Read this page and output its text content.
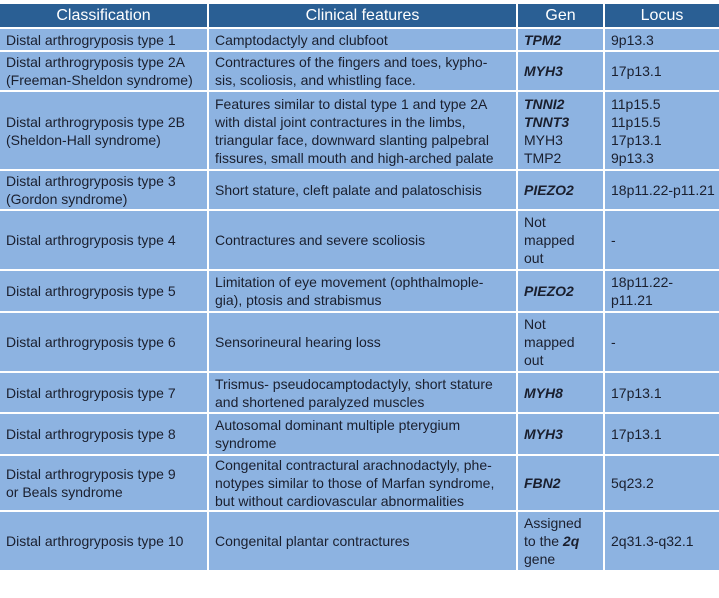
Classification	Clinical features	Gen	Locus

Distal arthrogryposis type 1	Camptodactyly and clubfoot	TPM2	9p13.3

Distal arthrogryposis type 2A
(Freeman-Sheldon syndrome)	Contractures of the fingers and toes, kypho-
sis, scoliosis, and whistling face.	MYH3	17p13.1

Distal arthrogryposis type 2B
(Sheldon-Hall syndrome)	Features similar to distal type 1 and type 2A
with distal joint contractures in the limbs,
triangular face, downward slanting palpebral
fissures, small mouth and high-arched palate	TNNI2
TNNT3
MYH3
TMP2	11p15.5
11p15.5
17p13.1
9p13.3

Distal arthrogryposis type 3
(Gordon syndrome)	Short stature, cleft palate and palatoschisis	PIEZO2	18p11.22-p11.21

Distal arthrogryposis type 4	Contractures and severe scoliosis	Not
mapped
out	-

Distal arthrogryposis type 5	Limitation of eye movement (ophthalmople-
gia), ptosis and strabismus	PIEZO2	18p11.22-
p11.21

Distal arthrogryposis type 6	Sensorineural hearing loss	Not
mapped
out	-

Distal arthrogryposis type 7	Trismus- pseudocamptodactyly, short stature
and shortened paralyzed muscles	MYH8	17p13.1

Distal arthrogryposis type 8	Autosomal dominant multiple pterygium
syndrome	MYH3	17p13.1

Distal arthrogryposis type 9
or Beals syndrome	Congenital contractural arachnodactyly, phe-
notypes similar to those of Marfan syndrome,
but without cardiovascular abnormalities	FBN2	5q23.2

Distal arthrogryposis type 10	Congenital plantar contractures	Assigned
to the 2q
gene	2q31.3-q32.1
